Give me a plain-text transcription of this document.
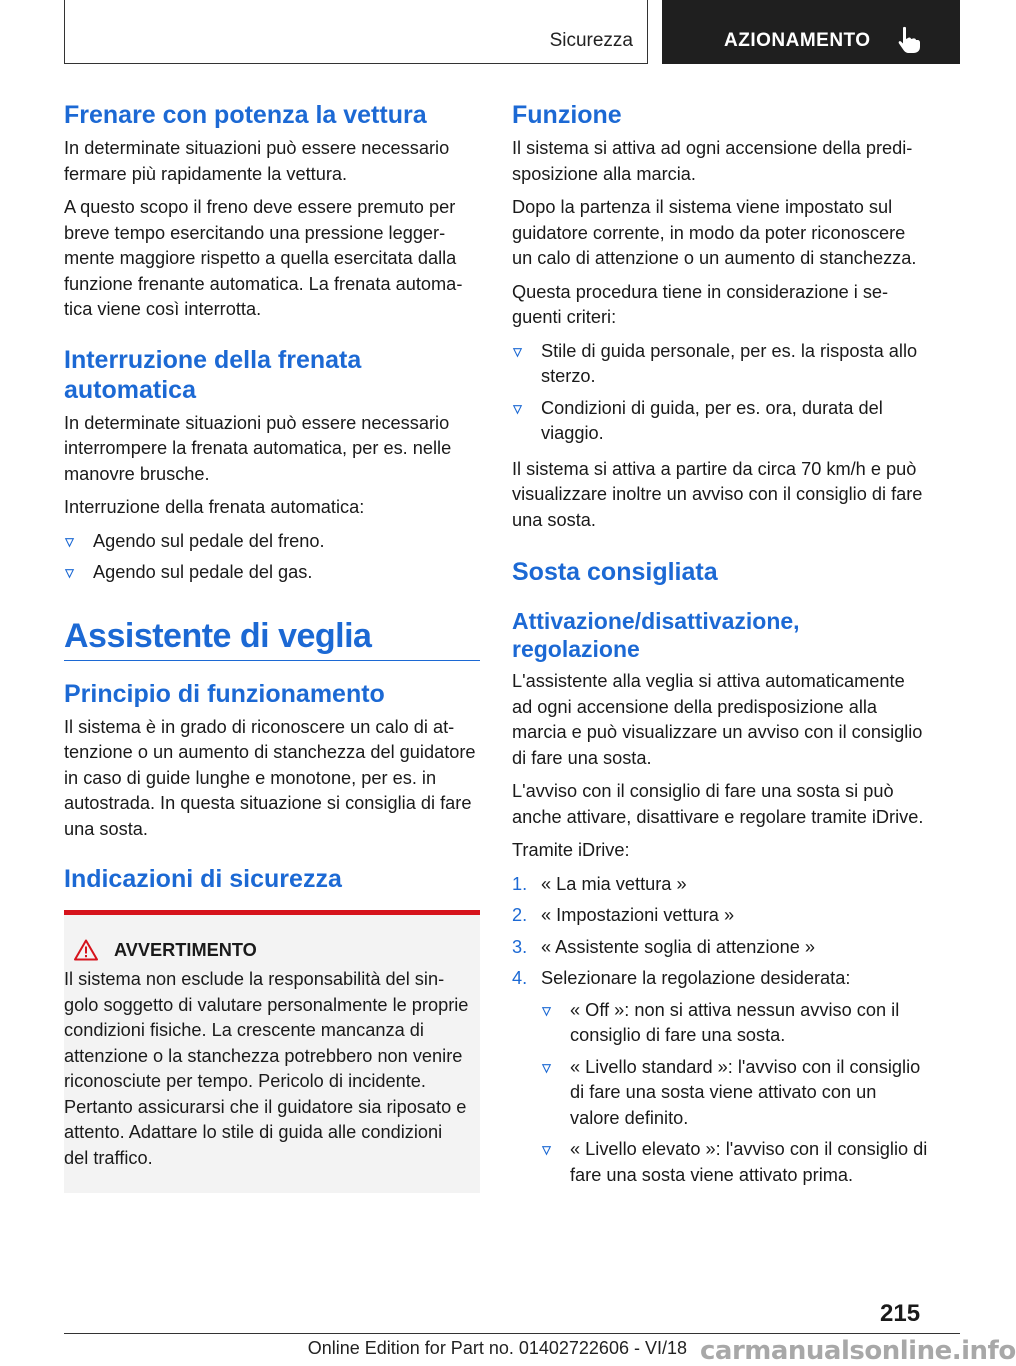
Sicurezza	AZIONAMENTO
Frenare con potenza la vettura

In determinate situazioni può essere necessario fermare più rapidamente la vettura.

A questo scopo il freno deve essere premuto per breve tempo esercitando una pressione leggermente maggiore rispetto a quella esercitata dalla funzione frenante automatica. La frenata automatica viene così interrotta.

Interruzione della frenata automatica

In determinate situazioni può essere necessario interrompere la frenata automatica, per es. nelle manovre brusche.

Interruzione della frenata automatica:

Agendo sul pedale del freno.
Agendo sul pedale del gas.
Assistente di veglia
Principio di funzionamento

Il sistema è in grado di riconoscere un calo di attenzione o un aumento di stanchezza del guidatore in caso di guide lunghe e monotone, per es. in autostrada. In questa situazione si consiglia di fare una sosta.

Indicazioni di sicurezza
AVVERTIMENTO

Il sistema non esclude la responsabilità del singolo soggetto di valutare personalmente le proprie condizioni fisiche. La crescente mancanza di attenzione o la stanchezza potrebbero non venire riconosciute per tempo. Pericolo di incidente. Pertanto assicurarsi che il guidatore sia riposato e attento. Adattare lo stile di guida alle condizioni del traffico.

Funzione

Il sistema si attiva ad ogni accensione della predisposizione alla marcia.

Dopo la partenza il sistema viene impostato sul guidatore corrente, in modo da poter riconoscere un calo di attenzione o un aumento di stanchezza.

Questa procedura tiene in considerazione i seguenti criteri:

Stile di guida personale, per es. la risposta allo sterzo.
Condizioni di guida, per es. ora, durata del viaggio.

Il sistema si attiva a partire da circa 70 km/h e può visualizzare inoltre un avviso con il consiglio di fare una sosta.

Sosta consigliata
Attivazione/disattivazione, regolazione

L'assistente alla veglia si attiva automaticamente ad ogni accensione della predisposizione alla marcia e può visualizzare un avviso con il consiglio di fare una sosta.

L'avviso con il consiglio di fare una sosta si può anche attivare, disattivare e regolare tramite iDrive.

Tramite iDrive:

1. « La mia vettura »
2. « Impostazioni vettura »
3. « Assistente soglia di attenzione »
4. Selezionare la regolazione desiderata:
« Off »: non si attiva nessun avviso con il consiglio di fare una sosta.
« Livello standard »: l'avviso con il consiglio di fare una sosta viene attivato con un valore definito.
« Livello elevato »: l'avviso con il consiglio di fare una sosta viene attivato prima.
215
Online Edition for Part no. 01402722606 - VI/18 carmanualsonline.info
